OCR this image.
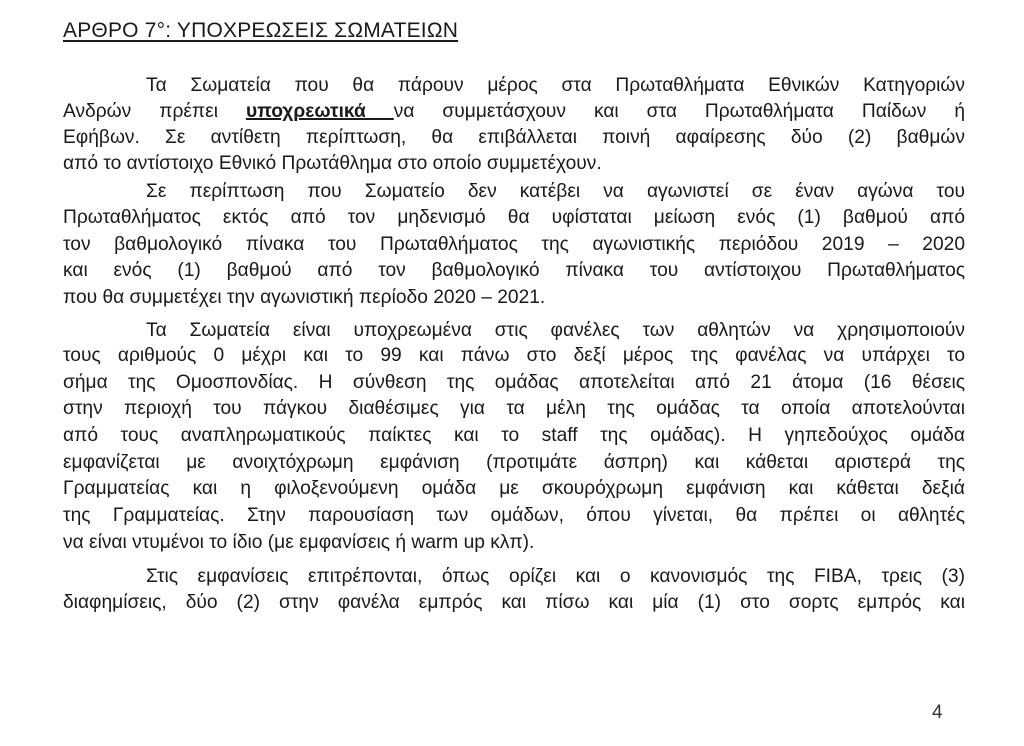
ΑΡΘΡΟ 7°: ΥΠΟΧΡΕΩΣΕΙΣ ΣΩΜΑΤΕΙΩΝ
Τα Σωματεία που θα πάρουν μέρος στα Πρωταθλήματα Εθνικών Κατηγοριών
Ανδρών πρέπει υποχρεωτικά να συμμετάσχουν και στα Πρωταθλήματα Παίδων ή
Εφήβων. Σε αντίθετη περίπτωση, θα επιβάλλεται ποινή αφαίρεσης δύο (2) βαθμών
από το αντίστοιχο Εθνικό Πρωτάθλημα στο οποίο συμμετέχουν.
Σε περίπτωση που Σωματείο δεν κατέβει να αγωνιστεί σε έναν αγώνα του
Πρωταθλήματος εκτός από τον μηδενισμό θα υφίσταται μείωση ενός (1) βαθμού από
τον βαθμολογικό πίνακα του Πρωταθλήματος της αγωνιστικής περιόδου 2019 – 2020
και ενός (1) βαθμού από τον βαθμολογικό πίνακα του αντίστοιχου Πρωταθλήματος
που θα συμμετέχει την αγωνιστική περίοδο 2020 – 2021.
Τα Σωματεία είναι υποχρεωμένα στις φανέλες των αθλητών να χρησιμοποιούν
τους αριθμούς 0 μέχρι και το 99 και πάνω στο δεξί μέρος της φανέλας να υπάρχει το
σήμα της Ομοσπονδίας. Η σύνθεση της ομάδας αποτελείται από 21 άτομα (16 θέσεις
στην περιοχή του πάγκου διαθέσιμες για τα μέλη της ομάδας τα οποία αποτελούνται
από τους αναπληρωματικούς παίκτες και το staff της ομάδας). Η γηπεδούχος ομάδα
εμφανίζεται με ανοιχτόχρωμη εμφάνιση (προτιμάτε άσπρη) και κάθεται αριστερά της
Γραμματείας και η φιλοξενούμενη ομάδα με σκουρόχρωμη εμφάνιση και κάθεται δεξιά
της Γραμματείας. Στην παρουσίαση των ομάδων, όπου γίνεται, θα πρέπει οι αθλητές
να είναι ντυμένοι το ίδιο (με εμφανίσεις ή warm up κλπ).
Στις εμφανίσεις επιτρέπονται, όπως ορίζει και ο κανονισμός της FIBA, τρεις (3)
διαφημίσεις, δύο (2) στην φανέλα εμπρός και πίσω και μία (1) στο σορτς εμπρός και
4
